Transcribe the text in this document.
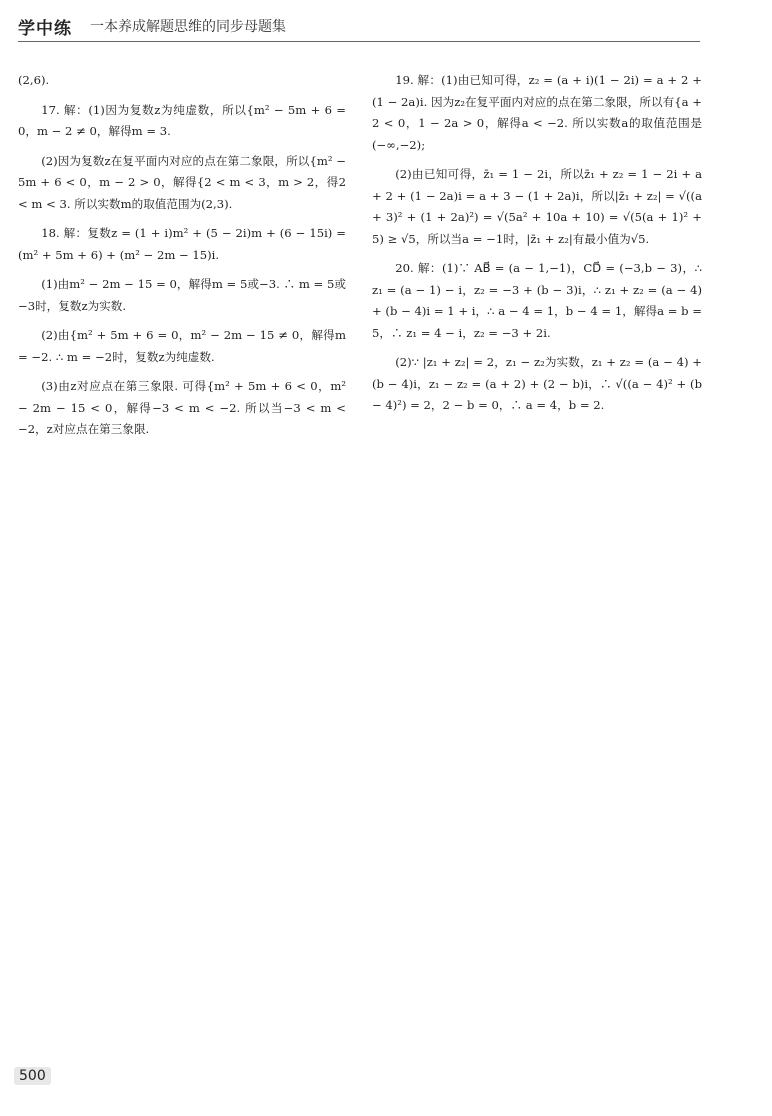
学中练 一本养成解题思维的同步母题集

(2,6).

17. 解：(1)因为复数z为纯虚数，所以{m² − 5m + 6 = 0，m − 2 ≠ 0，解得m = 3.

(2)因为复数z在复平面内对应的点在第二象限，所以{m² − 5m + 6 < 0，m − 2 > 0，解得{2 < m < 3，m > 2，得2 < m < 3. 所以实数m的取值范围为(2,3).

18. 解：复数z = (1 + i)m² + (5 − 2i)m + (6 − 15i) = (m² + 5m + 6) + (m² − 2m − 15)i.

(1)由m² − 2m − 15 = 0，解得m = 5或−3. ∴ m = 5或−3时，复数z为实数.

(2)由{m² + 5m + 6 = 0，m² − 2m − 15 ≠ 0，解得m = −2. ∴ m = −2时，复数z为纯虚数.

(3)由z对应点在第三象限. 可得{m² + 5m + 6 < 0，m² − 2m − 15 < 0，解得−3 < m < −2. 所以当−3 < m < −2，z对应点在第三象限.

19. 解：(1)由已知可得，z₂ = (a + i)(1 − 2i) = a + 2 + (1 − 2a)i. 因为z₂在复平面内对应的点在第二象限，所以有{a + 2 < 0，1 − 2a > 0，解得a < −2. 所以实数a的取值范围是(−∞,−2);

(2)由已知可得，z̄₁ = 1 − 2i，所以z̄₁ + z₂ = 1 − 2i + a + 2 + (1 − 2a)i = a + 3 − (1 + 2a)i，所以|z̄₁ + z₂| = √((a + 3)² + (1 + 2a)²) = √(5a² + 10a + 10) = √(5(a + 1)² + 5) ≥ √5，所以当a = −1时，|z̄₁ + z₂|有最小值为√5.

20. 解：(1)∵ AB⃗ = (a − 1,−1)，CD⃗ = (−3,b − 3)，∴ z₁ = (a − 1) − i，z₂ = −3 + (b − 3)i，∴ z₁ + z₂ = (a − 4) + (b − 4)i = 1 + i，∴ a − 4 = 1，b − 4 = 1，解得a = b = 5，∴ z₁ = 4 − i，z₂ = −3 + 2i.

(2)∵ |z₁ + z₂| = 2，z₁ − z₂为实数，z₁ + z₂ = (a − 4) + (b − 4)i，z₁ − z₂ = (a + 2) + (2 − b)i，∴ √((a − 4)² + (b − 4)²) = 2，2 − b = 0，∴ a = 4，b = 2.

500
